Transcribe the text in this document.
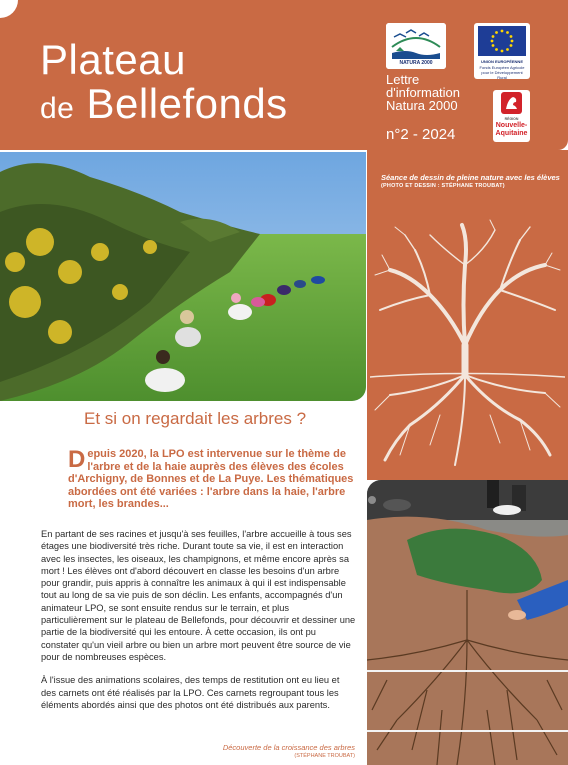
Plateau
de Bellefonds
NATURA 2000	UNION EUROPÉENNE
Fonds Européen Agricole pour le Développement Rural
RÉGION
Nouvelle-
Aquitaine
Lettre d'information Natura 2000
n°2 - 2024
Séance de dessin de pleine nature avec les élèves
(PHOTO ET DESSIN : STÉPHANE TROUBAT)
Et si on regardait les arbres ?
Depuis 2020, la LPO est intervenue sur le thème de l'arbre et de la haie auprès des élèves des écoles d'Archigny, de Bonnes et de La Puye. Les thématiques abordées ont été variées : l'arbre dans la haie, l'arbre mort, les brandes...

En partant de ses racines et jusqu'à ses feuilles, l'arbre accueille à tous ses étages une biodiversité très riche. Durant toute sa vie, il est en interaction avec les insectes, les oiseaux, les champignons, et même encore après sa mort ! Les élèves ont d'abord découvert en classe les besoins d'un arbre pour grandir, puis appris à connaître les animaux à qui il est indispensable tout au long de sa vie puis de son déclin. Les enfants, accompagnés d'un animateur LPO, se sont ensuite rendus sur le terrain, et plus particulièrement sur le plateau de Bellefonds, pour découvrir et dessiner une partie de la biodiversité qui les entoure. À cette occasion, ils ont pu constater qu'un vieil arbre ou bien un arbre mort peuvent être source de vie pour de nombreuses espèces.

À l'issue des animations scolaires, des temps de restitution ont eu lieu et des carnets ont été réalisés par la LPO. Ces carnets regroupant tous les éléments abordés ainsi que des photos ont été distribués aux parents.

Découverte de la croissance des arbres
(STÉPHANE TROUBAT)
